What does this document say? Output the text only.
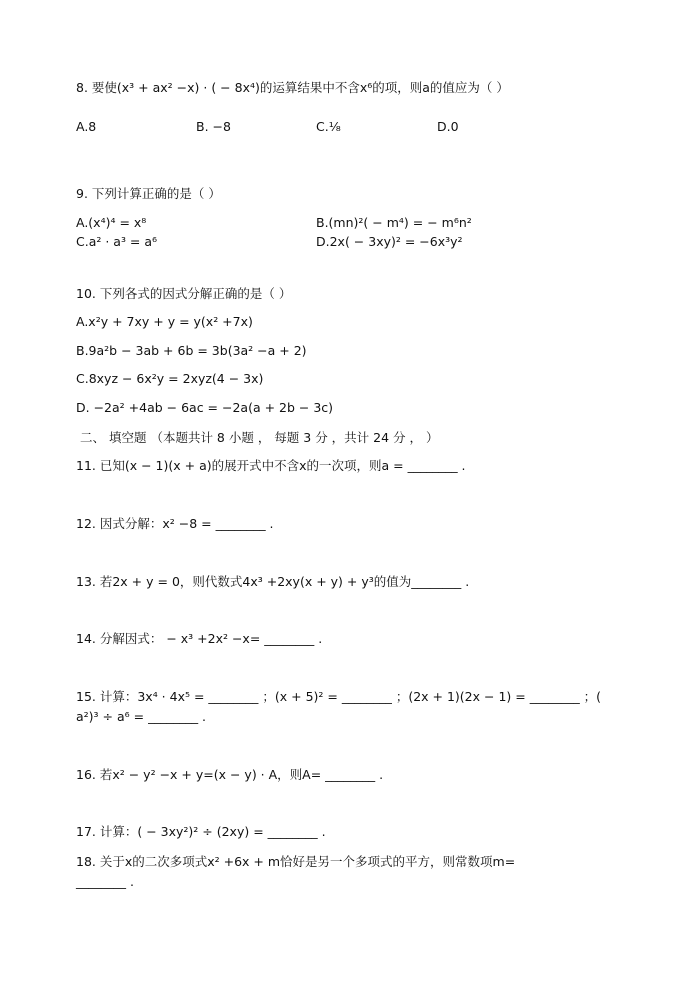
8. 要使(x³ + ax² −x) · ( − 8x⁴)的运算结果中不含x⁶的项，则a的值应为（ ）
A.8	B. −8	C.¹⁄₈	D.0
9. 下列计算正确的是（ ）
A.(x⁴)⁴ = x⁸	B.(mn)²( − m⁴) = − m⁶n²
C.a² · a³ = a⁶	D.2x( − 3xy)² = −6x³y²
10. 下列各式的因式分解正确的是（ ）
A.x²y + 7xy + y = y(x² +7x)
B.9a²b − 3ab + 6b = 3b(3a² −a + 2)
C.8xyz − 6x²y = 2xyz(4 − 3x)
D. −2a² +4ab − 6ac = −2a(a + 2b − 3c)
二、 填空题 （本题共计 8 小题 ， 每题 3 分 ，共计 24 分 ， ）
11. 已知(x − 1)(x + a)的展开式中不含x的一次项，则a = ________ .
12. 因式分解：x² −8 = ________ .
13. 若2x + y = 0，则代数式4x³ +2xy(x + y) + y³的值为________ .
14. 分解因式： − x³ +2x² −x= ________ .
15. 计算：3x⁴ · 4x⁵ = ________ ；(x + 5)² = ________ ；(2x + 1)(2x − 1) = ________ ；(
a²)³ ÷ a⁶ = ________ .
16. 若x² − y² −x + y=(x − y) · A，则A= ________ .
17. 计算：( − 3xy²)² ÷ (2xy) = ________ .
18. 关于x的二次多项式x² +6x + m恰好是另一个多项式的平方，则常数项m=
________ .
